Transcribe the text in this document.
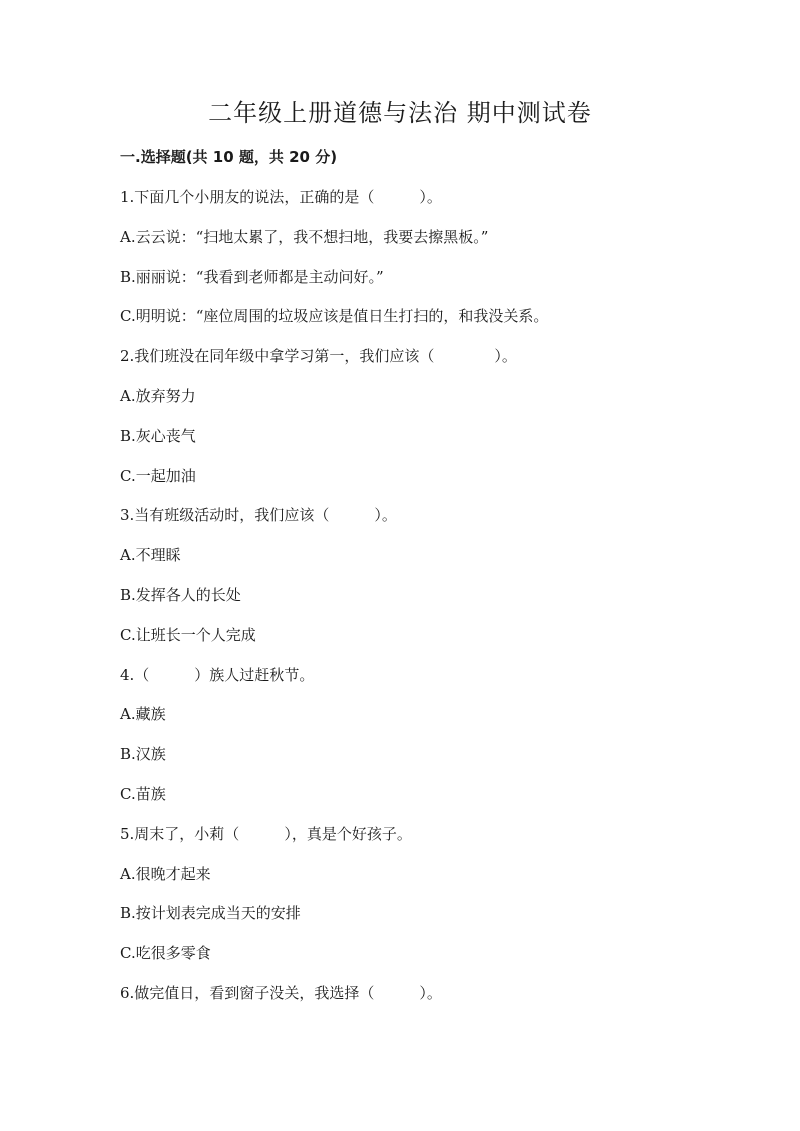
二年级上册道德与法治 期中测试卷
一.选择题(共 10 题，共 20 分)
1.下面几个小朋友的说法，正确的是（　　　）。
A.云云说：“扫地太累了，我不想扫地，我要去擦黑板。”
B.丽丽说：“我看到老师都是主动问好。”
C.明明说：“座位周围的垃圾应该是值日生打扫的，和我没关系。
2.我们班没在同年级中拿学习第一，我们应该（　　　　）。
A.放弃努力
B.灰心丧气
C.一起加油
3.当有班级活动时，我们应该（　　　）。
A.不理睬
B.发挥各人的长处
C.让班长一个人完成
4.（　　　）族人过赶秋节。
A.藏族
B.汉族
C.苗族
5.周末了，小莉（　　　），真是个好孩子。
A.很晚才起来
B.按计划表完成当天的安排
C.吃很多零食
6.做完值日，看到窗子没关，我选择（　　　）。
